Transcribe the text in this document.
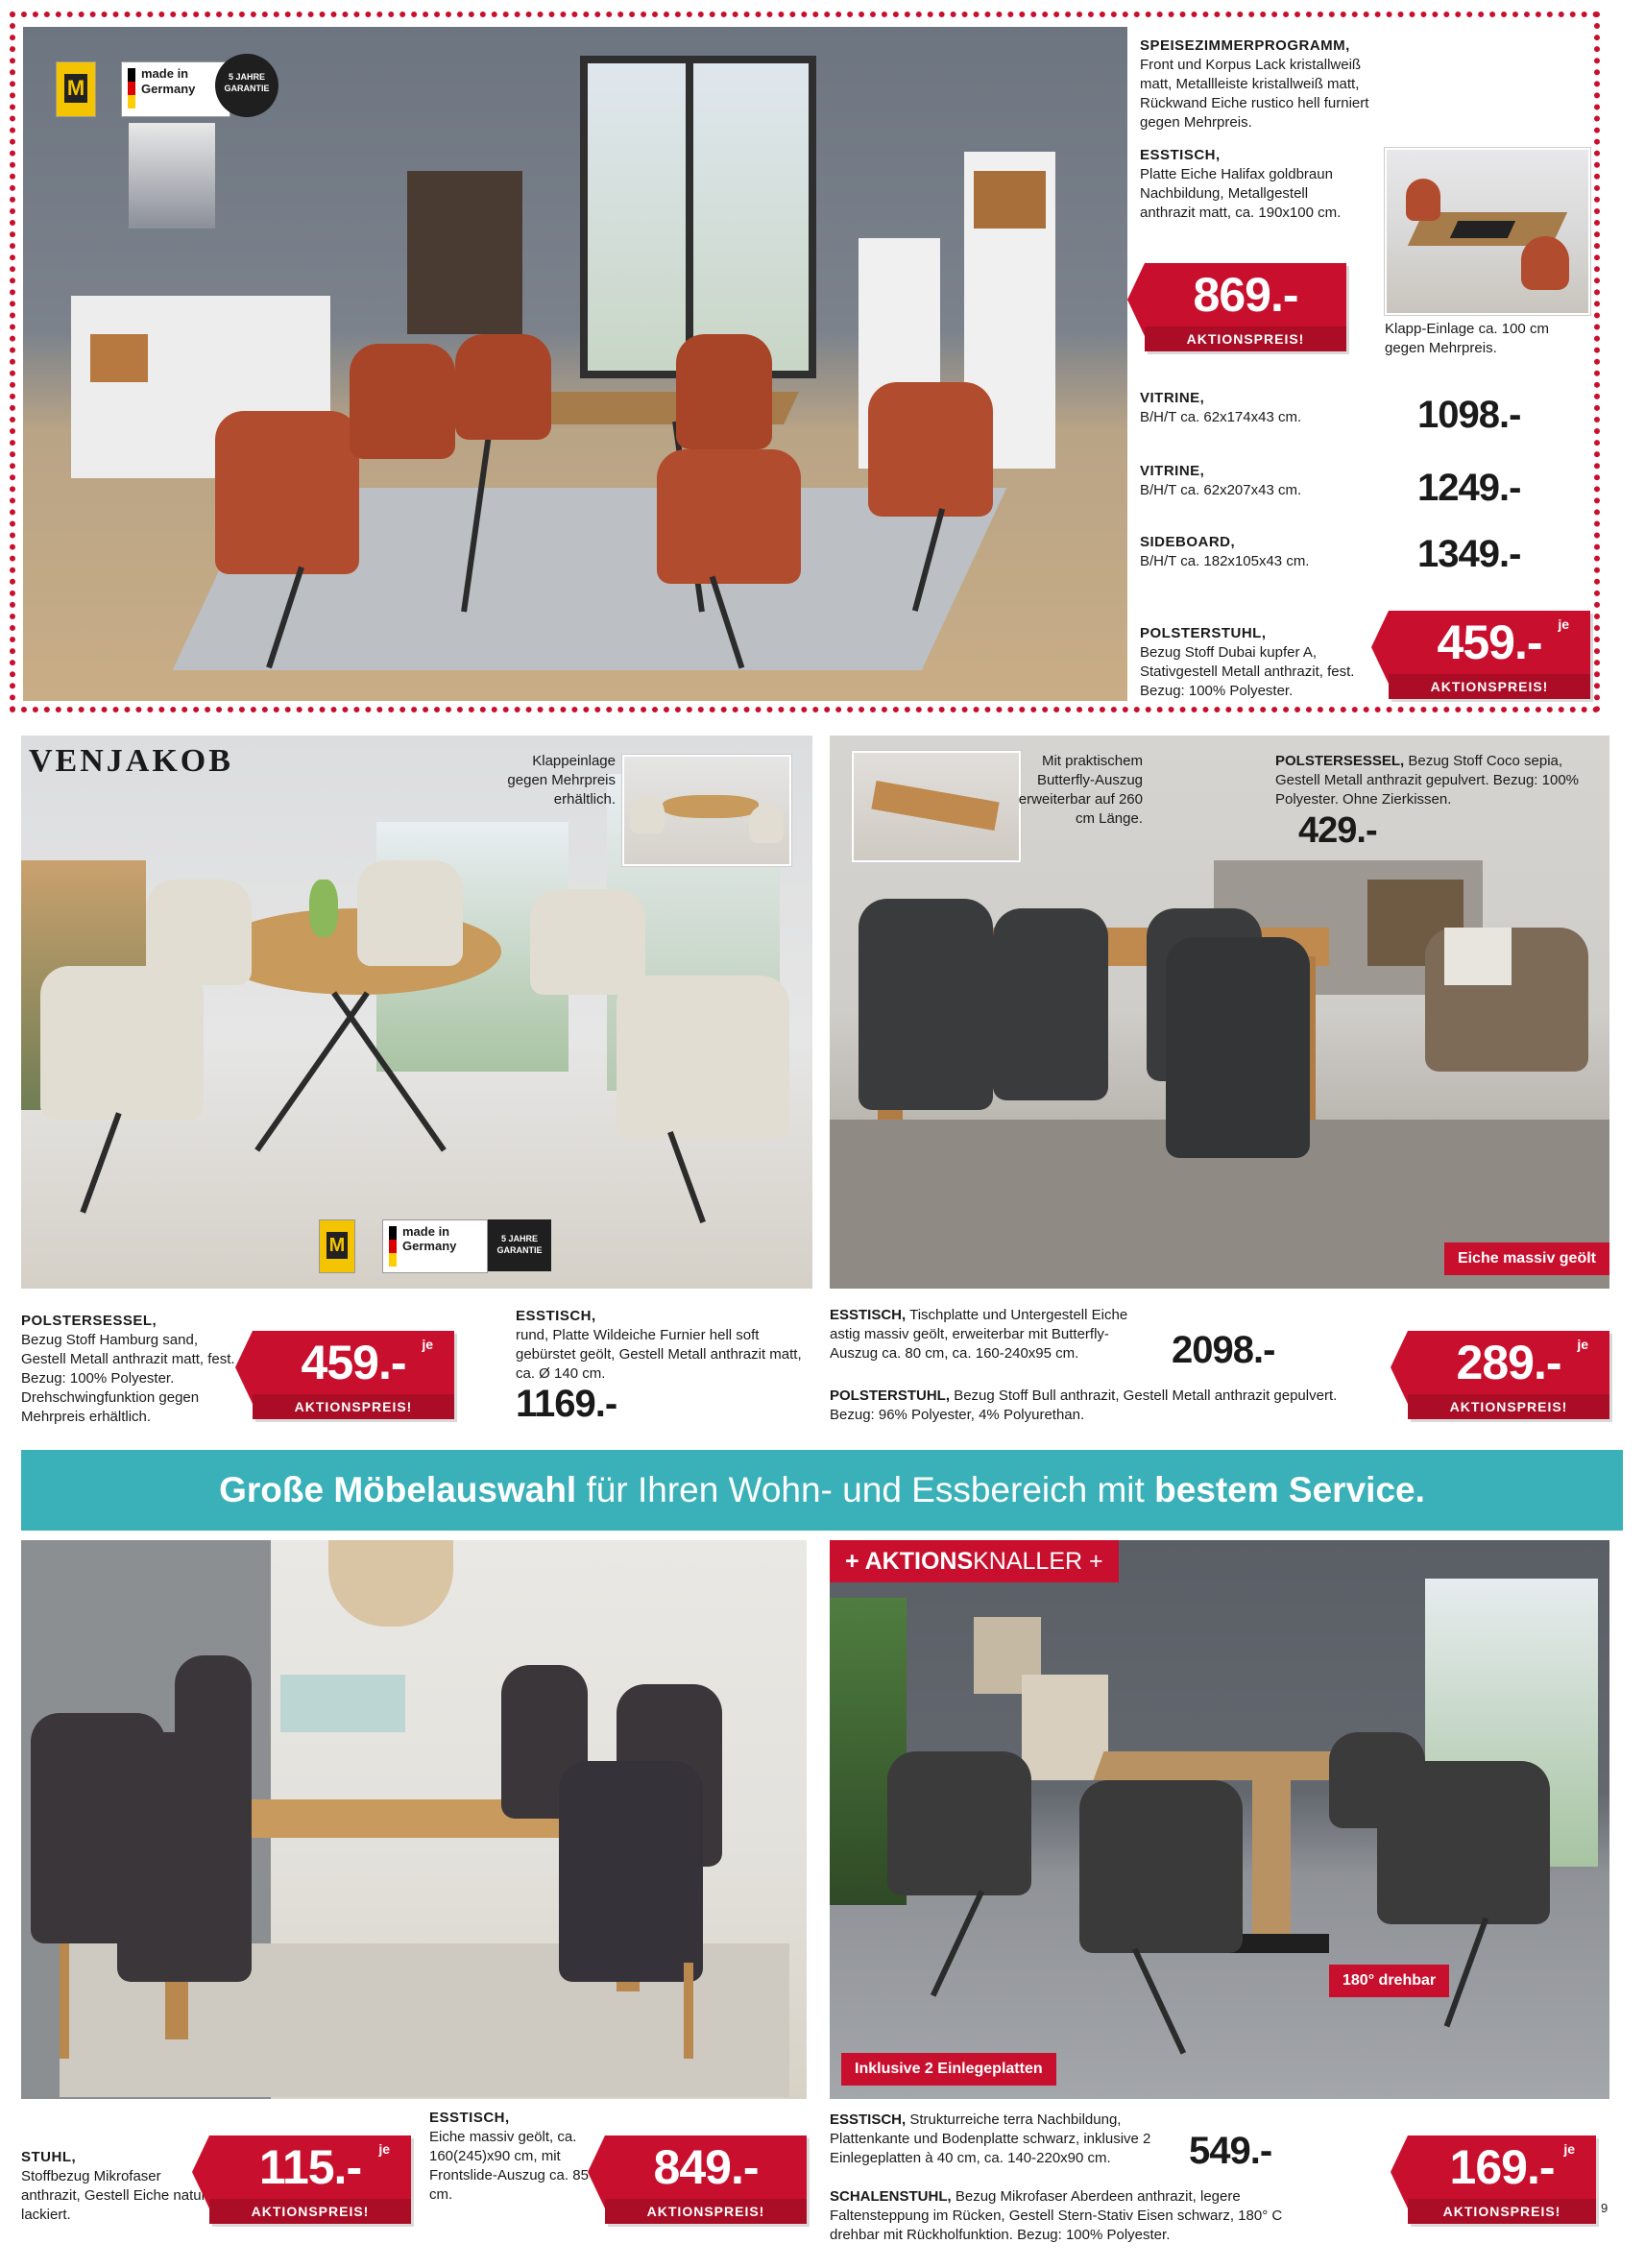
M
made in Germany
5 JAHRE GARANTIE
SPEISEZIMMERPROGRAMM,
Front und Korpus Lack kristallweiß matt, Metallleiste kristallweiß matt, Rückwand Eiche rustico hell furniert gegen Mehrpreis.
ESSTISCH,
Platte Eiche Halifax goldbraun Nachbildung, Metallgestell anthrazit matt, ca. 190x100 cm.
869.-
AKTIONSPREIS!
Klapp-Einlage ca. 100 cm gegen Mehrpreis.
VITRINE,
B/H/T ca. 62x174x43 cm.	1098.-
VITRINE,
B/H/T ca. 62x207x43 cm.	1249.-
SIDEBOARD,
B/H/T ca. 182x105x43 cm.	1349.-
POLSTERSTUHL,
Bezug Stoff Dubai kupfer A, Stativgestell Metall anthrazit, fest. Bezug: 100% Polyester.
459.-	je
AKTIONSPREIS!
VENJAKOB
M
made in Germany	5 JAHRE GARANTIE
Klappeinlage gegen Mehrpreis erhältlich.
POLSTERSESSEL,
Bezug Stoff Hamburg sand, Gestell Metall anthrazit matt, fest. Bezug: 100% Polyester. Drehschwingfunktion gegen Mehrpreis erhältlich.
459.-	je
AKTIONSPREIS!
ESSTISCH,
rund, Platte Wildeiche Furnier hell soft gebürstet geölt, Gestell Metall anthrazit matt, ca. Ø 140 cm.
1169.-
Eiche massiv geölt
Mit praktischem Butterfly-Auszug erweiterbar auf 260 cm Länge.
POLSTERSESSEL, Bezug Stoff Coco sepia, Gestell Metall anthrazit gepulvert. Bezug: 100% Polyester. Ohne Zierkissen.
429.-
ESSTISCH, Tischplatte und Untergestell Eiche astig massiv geölt, erweiterbar mit Butterfly-Auszug ca. 80 cm, ca. 160-240x95 cm.	2098.-
POLSTERSTUHL, Bezug Stoff Bull anthrazit, Gestell Metall anthrazit gepulvert. Bezug: 96% Polyester, 4% Polyurethan.
289.-	je
AKTIONSPREIS!
Große Möbelauswahl für Ihren Wohn- und Essbereich mit bestem Service.
STUHL,
Stoffbezug Mikrofaser anthrazit, Gestell Eiche natur lackiert.
115.-	je
AKTIONSPREIS!
ESSTISCH,
Eiche massiv geölt, ca. 160(245)x90 cm, mit Frontslide-Auszug ca. 85 cm.
849.-
AKTIONSPREIS!
+ AKTIONSKNALLER +
180° drehbar
Inklusive 2 Einlegeplatten
ESSTISCH, Strukturreiche terra Nachbildung, Plattenkante und Bodenplatte schwarz, inklusive 2 Einlegeplatten à 40 cm, ca. 140-220x90 cm.	549.-
SCHALENSTUHL, Bezug Mikrofaser Aberdeen anthrazit, legere Faltensteppung im Rücken, Gestell Stern-Stativ Eisen schwarz, 180° C drehbar mit Rückholfunktion. Bezug: 100% Polyester.
169.- je
AKTIONSPREIS!	9
